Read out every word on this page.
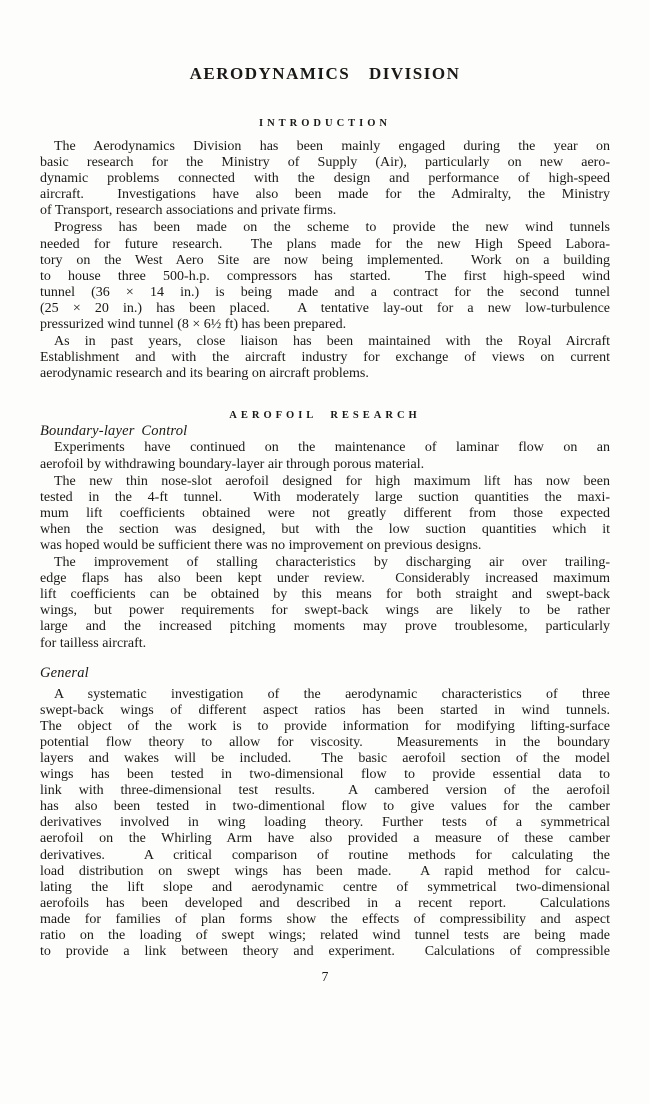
AERODYNAMICS DIVISION
INTRODUCTION
The Aerodynamics Division has been mainly engaged during the year on
basic research for the Ministry of Supply (Air), particularly on new aero-
dynamic problems connected with the design and performance of high-speed
aircraft.  Investigations have also been made for the Admiralty, the Ministry
of Transport, research associations and private firms.
Progress has been made on the scheme to provide the new wind tunnels
needed for future research.  The plans made for the new High Speed Labora-
tory on the West Aero Site are now being implemented.  Work on a building
to house three 500-h.p. compressors has started.  The first high-speed wind
tunnel (36 × 14 in.) is being made and a contract for the second tunnel
(25 × 20 in.) has been placed.  A tentative lay-out for a new low-turbulence
pressurized wind tunnel (8 × 6½ ft) has been prepared.
As in past years, close liaison has been maintained with the Royal Aircraft
Establishment and with the aircraft industry for exchange of views on current
aerodynamic research and its bearing on aircraft problems.
AEROFOIL RESEARCH
Boundary-layer Control
Experiments have continued on the maintenance of laminar flow on an
aerofoil by withdrawing boundary-layer air through porous material.
The new thin nose-slot aerofoil designed for high maximum lift has now been
tested in the 4-ft tunnel.  With moderately large suction quantities the maxi-
mum lift coefficients obtained were not greatly different from those expected
when the section was designed, but with the low suction quantities which it
was hoped would be sufficient there was no improvement on previous designs.
The improvement of stalling characteristics by discharging air over trailing-
edge flaps has also been kept under review.  Considerably increased maximum
lift coefficients can be obtained by this means for both straight and swept-back
wings, but power requirements for swept-back wings are likely to be rather
large and the increased pitching moments may prove troublesome, particularly
for tailless aircraft.
General
A systematic investigation of the aerodynamic characteristics of three
swept-back wings of different aspect ratios has been started in wind tunnels.
The object of the work is to provide information for modifying lifting-surface
potential flow theory to allow for viscosity.  Measurements in the boundary
layers and wakes will be included.  The basic aerofoil section of the model
wings has been tested in two-dimensional flow to provide essential data to
link with three-dimensional test results.  A cambered version of the aerofoil
has also been tested in two-dimentional flow to give values for the camber
derivatives involved in wing loading theory. Further tests of a symmetrical
aerofoil on the Whirling Arm have also provided a measure of these camber
derivatives.  A critical comparison of routine methods for calculating the
load distribution on swept wings has been made.  A rapid method for calcu-
lating the lift slope and aerodynamic centre of symmetrical two-dimensional
aerofoils has been developed and described in a recent report.  Calculations
made for families of plan forms show the effects of compressibility and aspect
ratio on the loading of swept wings; related wind tunnel tests are being made
to provide a link between theory and experiment.  Calculations of compressible
7
